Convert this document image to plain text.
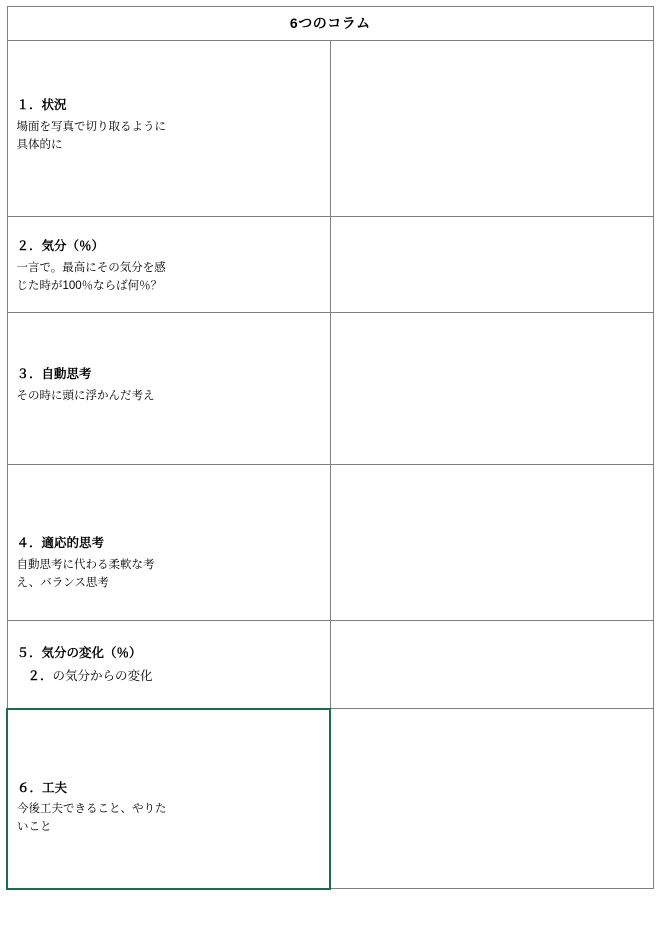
6つのコラム	

１．状況
場面を写真で切り取るように
具体的に	

２．気分（％）
一言で。最高にその気分を感
じた時が100％ならば何％？	

３．自動思考
その時に頭に浮かんだ考え	

４．適応的思考
自動思考に代わる柔軟な考
え、バランス思考	

５．気分の変化（％）
２．の気分からの変化	

６．工夫
今後工夫できること、やりた
いこと	
